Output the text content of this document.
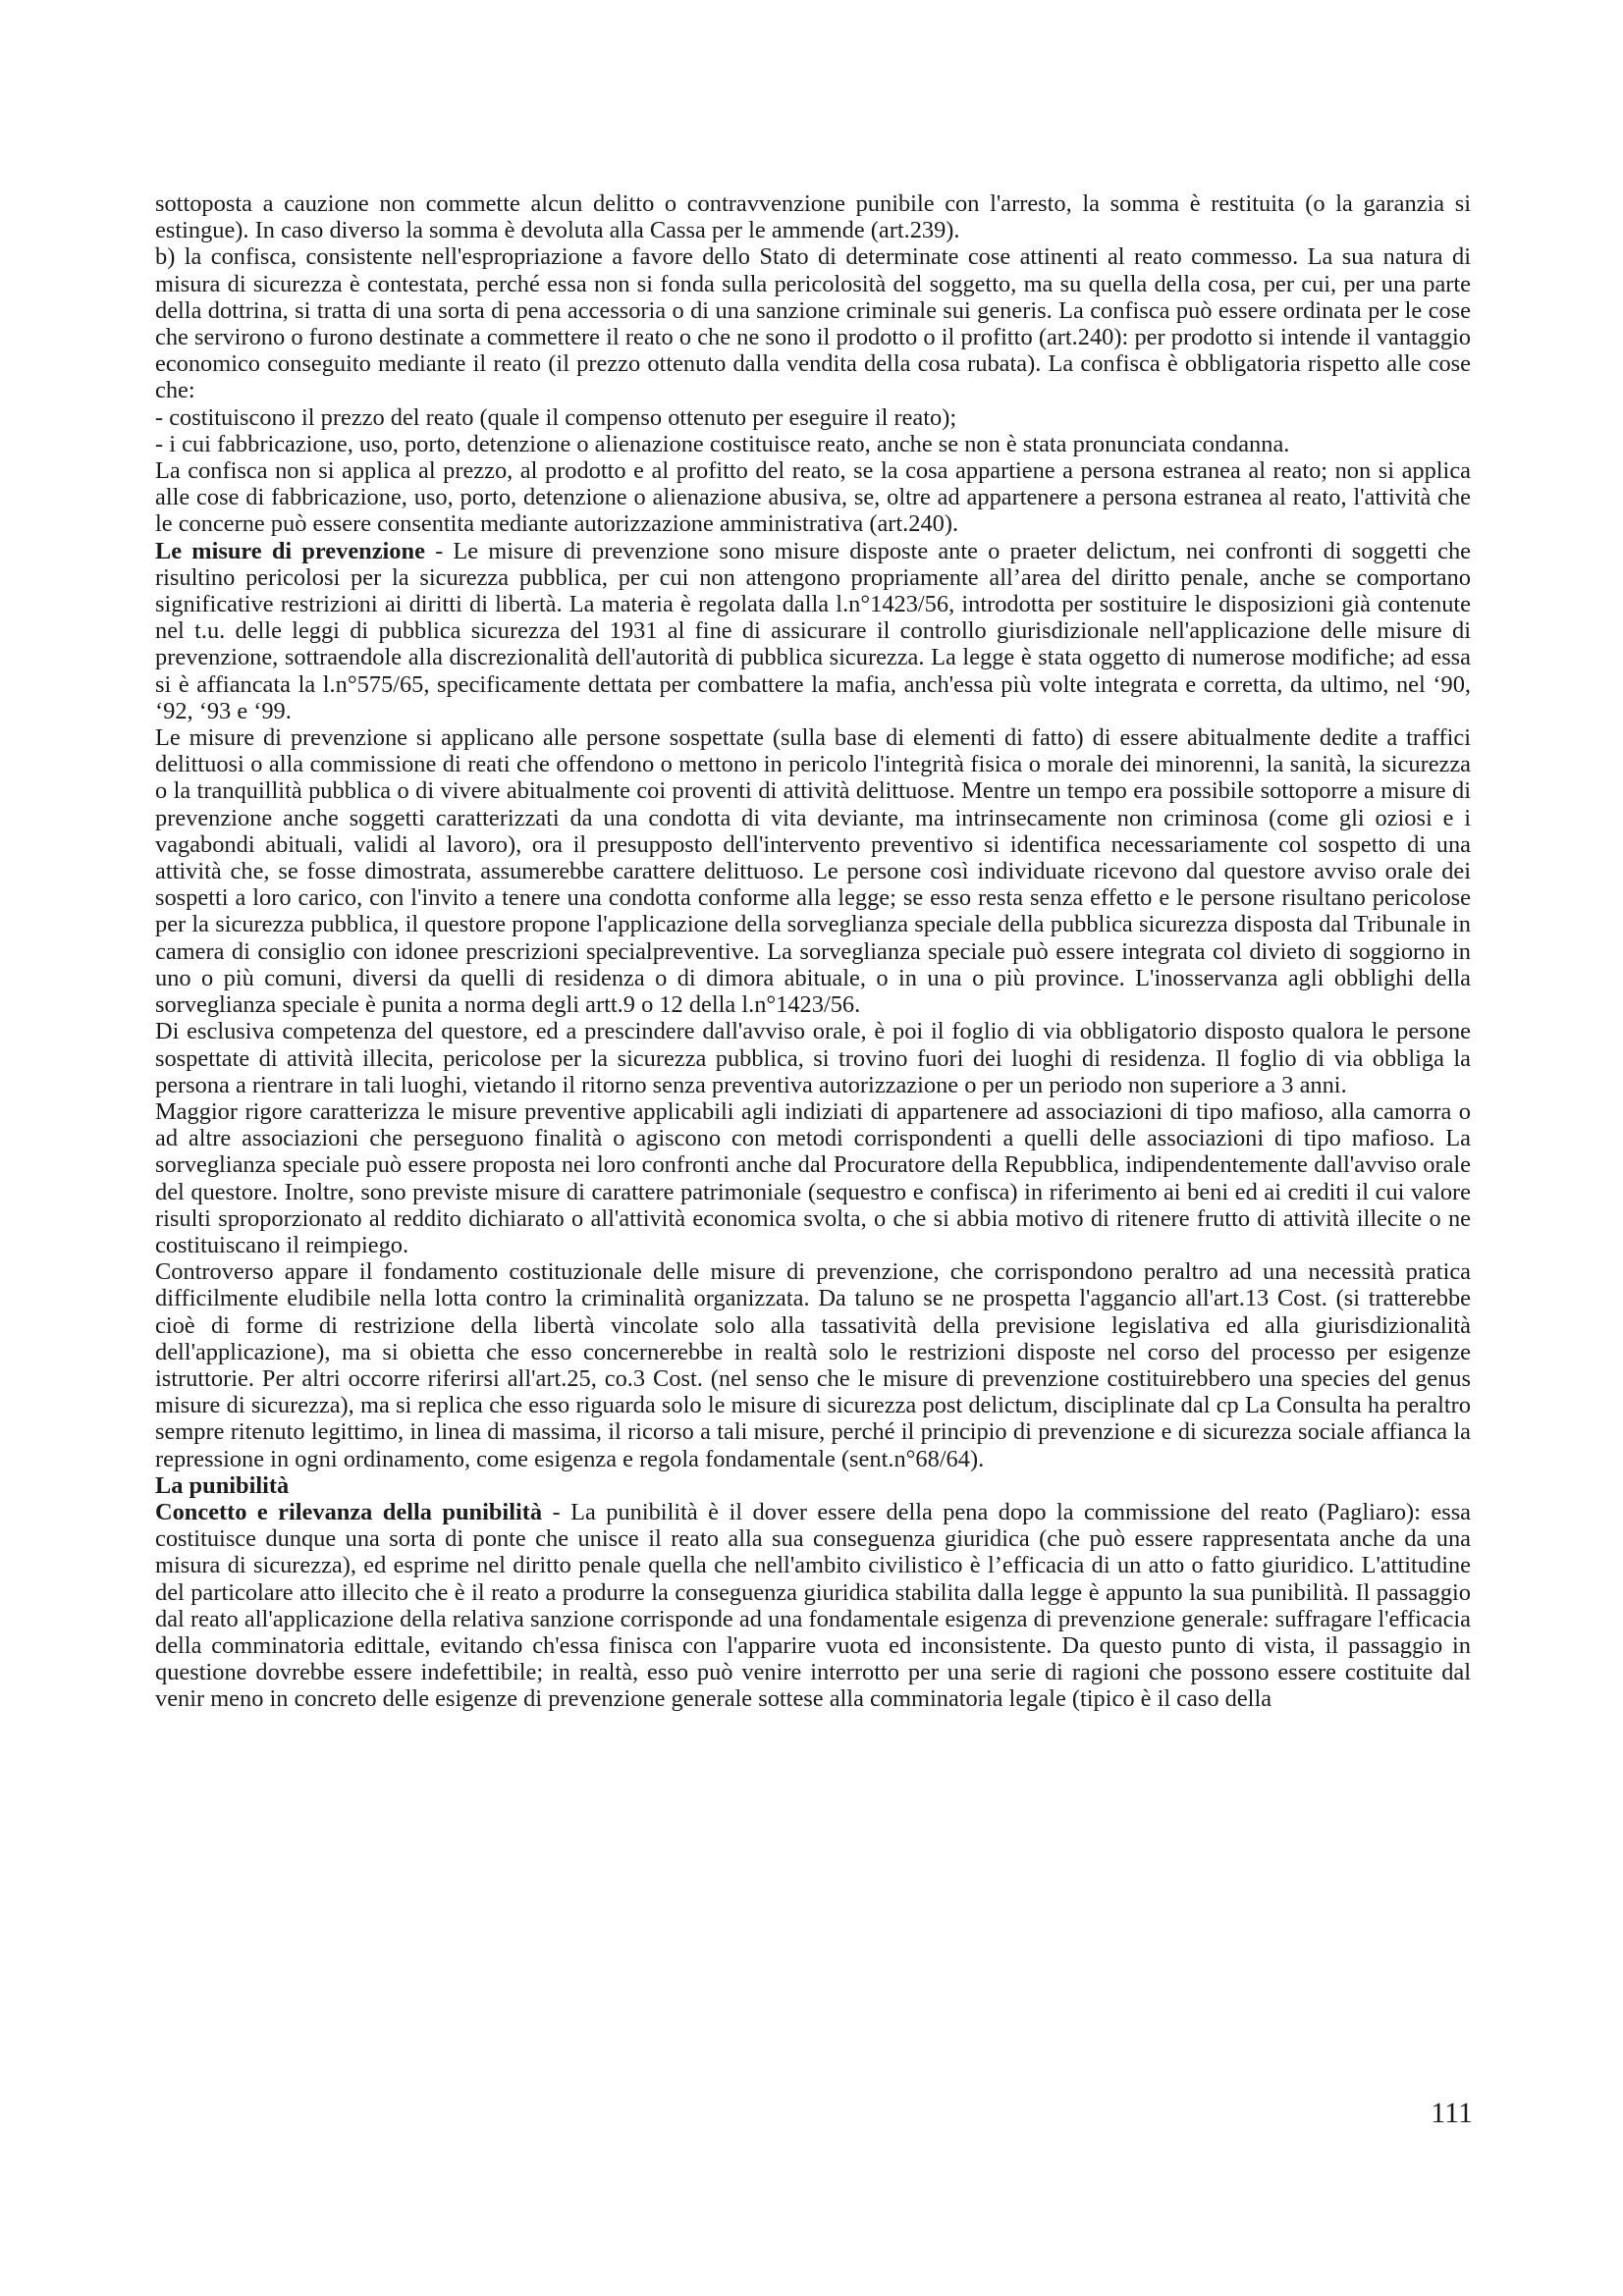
sottoposta a cauzione non commette alcun delitto o contravvenzione punibile con l'arresto, la somma è restituita (o la garanzia si estingue). In caso diverso la somma è devoluta alla Cassa per le ammende (art.239).

b) la confisca, consistente nell'espropriazione a favore dello Stato di determinate cose attinenti al reato commesso. La sua natura di misura di sicurezza è contestata, perché essa non si fonda sulla pericolosità del soggetto, ma su quella della cosa, per cui, per una parte della dottrina, si tratta di una sorta di pena accessoria o di una sanzione criminale sui generis. La confisca può essere ordinata per le cose che servirono o furono destinate a commettere il reato o che ne sono il prodotto o il profitto (art.240): per prodotto si intende il vantaggio economico conseguito mediante il reato (il prezzo ottenuto dalla vendita della cosa rubata). La confisca è obbligatoria rispetto alle cose che:

- costituiscono il prezzo del reato (quale il compenso ottenuto per eseguire il reato);

- i cui fabbricazione, uso, porto, detenzione o alienazione costituisce reato, anche se non è stata pronunciata condanna.

La confisca non si applica al prezzo, al prodotto e al profitto del reato, se la cosa appartiene a persona estranea al reato; non si applica alle cose di fabbricazione, uso, porto, detenzione o alienazione abusiva, se, oltre ad appartenere a persona estranea al reato, l'attività che le concerne può essere consentita mediante autorizzazione amministrativa (art.240).

Le misure di prevenzione - Le misure di prevenzione sono misure disposte ante o praeter delictum, nei confronti di soggetti che risultino pericolosi per la sicurezza pubblica, per cui non attengono propriamente all’area del diritto penale, anche se comportano significative restrizioni ai diritti di libertà. La materia è regolata dalla l.n°1423/56, introdotta per sostituire le disposizioni già contenute nel t.u. delle leggi di pubblica sicurezza del 1931 al fine di assicurare il controllo giurisdizionale nell'applicazione delle misure di prevenzione, sottraendole alla discrezionalità dell'autorità di pubblica sicurezza. La legge è stata oggetto di numerose modifiche; ad essa si è affiancata la l.n°575/65, specificamente dettata per combattere la mafia, anch'essa più volte integrata e corretta, da ultimo, nel ‘90, ‘92, ‘93 e ‘99.

Le misure di prevenzione si applicano alle persone sospettate (sulla base di elementi di fatto) di essere abitualmente dedite a traffici delittuosi o alla commissione di reati che offendono o mettono in pericolo l'integrità fisica o morale dei minorenni, la sanità, la sicurezza o la tranquillità pubblica o di vivere abitualmente coi proventi di attività delittuose. Mentre un tempo era possibile sottoporre a misure di prevenzione anche soggetti caratterizzati da una condotta di vita deviante, ma intrinsecamente non criminosa (come gli oziosi e i vagabondi abituali, validi al lavoro), ora il presupposto dell'intervento preventivo si identifica necessariamente col sospetto di una attività che, se fosse dimostrata, assumerebbe carattere delittuoso. Le persone così individuate ricevono dal questore avviso orale dei sospetti a loro carico, con l'invito a tenere una condotta conforme alla legge; se esso resta senza effetto e le persone risultano pericolose per la sicurezza pubblica, il questore propone l'applicazione della sorveglianza speciale della pubblica sicurezza disposta dal Tribunale in camera di consiglio con idonee prescrizioni specialpreventive. La sorveglianza speciale può essere integrata col divieto di soggiorno in uno o più comuni, diversi da quelli di residenza o di dimora abituale, o in una o più province. L'inosservanza agli obblighi della sorveglianza speciale è punita a norma degli artt.9 o 12 della l.n°1423/56.

Di esclusiva competenza del questore, ed a prescindere dall'avviso orale, è poi il foglio di via obbligatorio disposto qualora le persone sospettate di attività illecita, pericolose per la sicurezza pubblica, si trovino fuori dei luoghi di residenza. Il foglio di via obbliga la persona a rientrare in tali luoghi, vietando il ritorno senza preventiva autorizzazione o per un periodo non superiore a 3 anni.

Maggior rigore caratterizza le misure preventive applicabili agli indiziati di appartenere ad associazioni di tipo mafioso, alla camorra o ad altre associazioni che perseguono finalità o agiscono con metodi corrispondenti a quelli delle associazioni di tipo mafioso. La sorveglianza speciale può essere proposta nei loro confronti anche dal Procuratore della Repubblica, indipendentemente dall'avviso orale del questore. Inoltre, sono previste misure di carattere patrimoniale (sequestro e confisca) in riferimento ai beni ed ai crediti il cui valore risulti sproporzionato al reddito dichiarato o all'attività economica svolta, o che si abbia motivo di ritenere frutto di attività illecite o ne costituiscano il reimpiego.

Controverso appare il fondamento costituzionale delle misure di prevenzione, che corrispondono peraltro ad una necessità pratica difficilmente eludibile nella lotta contro la criminalità organizzata. Da taluno se ne prospetta l'aggancio all'art.13 Cost. (si tratterebbe cioè di forme di restrizione della libertà vincolate solo alla tassatività della previsione legislativa ed alla giurisdizionalità dell'applicazione), ma si obietta che esso concernerebbe in realtà solo le restrizioni disposte nel corso del processo per esigenze istruttorie. Per altri occorre riferirsi all'art.25, co.3 Cost. (nel senso che le misure di prevenzione costituirebbero una species del genus misure di sicurezza), ma si replica che esso riguarda solo le misure di sicurezza post delictum, disciplinate dal cp La Consulta ha peraltro sempre ritenuto legittimo, in linea di massima, il ricorso a tali misure, perché il principio di prevenzione e di sicurezza sociale affianca la repressione in ogni ordinamento, come esigenza e regola fondamentale (sent.n°68/64).

La punibilità

Concetto e rilevanza della punibilità - La punibilità è il dover essere della pena dopo la commissione del reato (Pagliaro): essa costituisce dunque una sorta di ponte che unisce il reato alla sua conseguenza giuridica (che può essere rappresentata anche da una misura di sicurezza), ed esprime nel diritto penale quella che nell'ambito civilistico è l’efficacia di un atto o fatto giuridico. L'attitudine del particolare atto illecito che è il reato a produrre la conseguenza giuridica stabilita dalla legge è appunto la sua punibilità. Il passaggio dal reato all'applicazione della relativa sanzione corrisponde ad una fondamentale esigenza di prevenzione generale: suffragare l'efficacia della comminatoria edittale, evitando ch'essa finisca con l'apparire vuota ed inconsistente. Da questo punto di vista, il passaggio in questione dovrebbe essere indefettibile; in realtà, esso può venire interrotto per una serie di ragioni che possono essere costituite dal venir meno in concreto delle esigenze di prevenzione generale sottese alla comminatoria legale (tipico è il caso della

111
